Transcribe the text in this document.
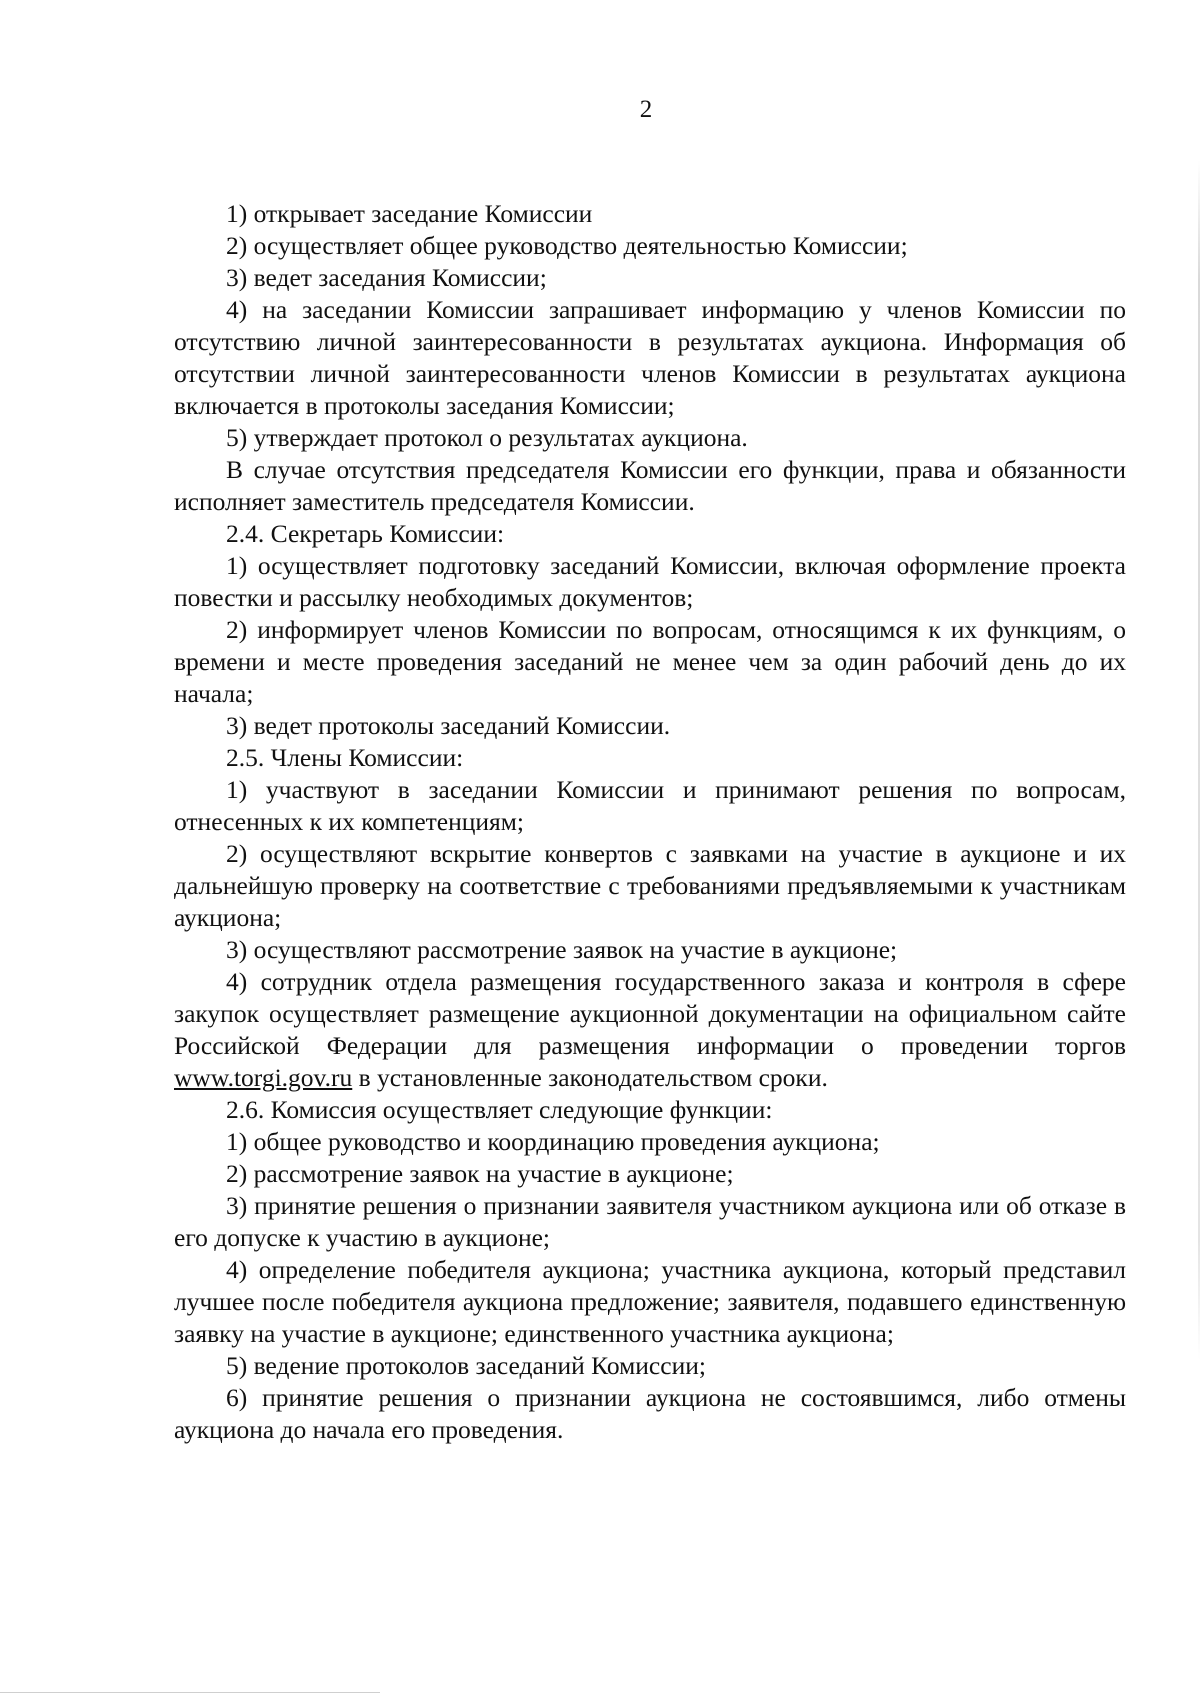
2

1) открывает заседание Комиссии

2) осуществляет общее руководство деятельностью Комиссии;

3) ведет заседания Комиссии;

4) на заседании Комиссии запрашивает информацию у членов Комиссии по отсутствию личной заинтересованности в результатах аукциона. Информация об отсутствии личной заинтересованности членов Комиссии в результатах аукциона включается в протоколы заседания Комиссии;

5) утверждает протокол о результатах аукциона.

В случае отсутствия председателя Комиссии его функции, права и обязанности исполняет заместитель председателя Комиссии.

2.4. Секретарь Комиссии:

1) осуществляет подготовку заседаний Комиссии, включая оформление проекта повестки и рассылку необходимых документов;

2) информирует членов Комиссии по вопросам, относящимся к их функциям, о времени и месте проведения заседаний не менее чем за один рабочий день до их начала;

3) ведет протоколы заседаний Комиссии.

2.5. Члены Комиссии:

1) участвуют в заседании Комиссии и принимают решения по вопросам, отнесенных к их компетенциям;

2) осуществляют вскрытие конвертов с заявками на участие в аукционе и их дальнейшую проверку на соответствие с требованиями предъявляемыми к участникам аукциона;

3) осуществляют рассмотрение заявок на участие в аукционе;

4) сотрудник отдела размещения государственного заказа и контроля в сфере закупок осуществляет размещение аукционной документации на официальном сайте Российской Федерации для размещения информации о проведении торгов www.torgi.gov.ru в установленные законодательством сроки.

2.6. Комиссия осуществляет следующие функции:

1) общее руководство и координацию проведения аукциона;

2) рассмотрение заявок на участие в аукционе;

3) принятие решения о признании заявителя участником аукциона или об отказе в его допуске к участию в аукционе;

4) определение победителя аукциона; участника аукциона, который представил лучшее после победителя аукциона предложение; заявителя, подавшего единственную заявку на участие в аукционе; единственного участника аукциона;

5) ведение протоколов заседаний Комиссии;

6) принятие решения о признании аукциона не состоявшимся, либо отмены аукциона до начала его проведения.
